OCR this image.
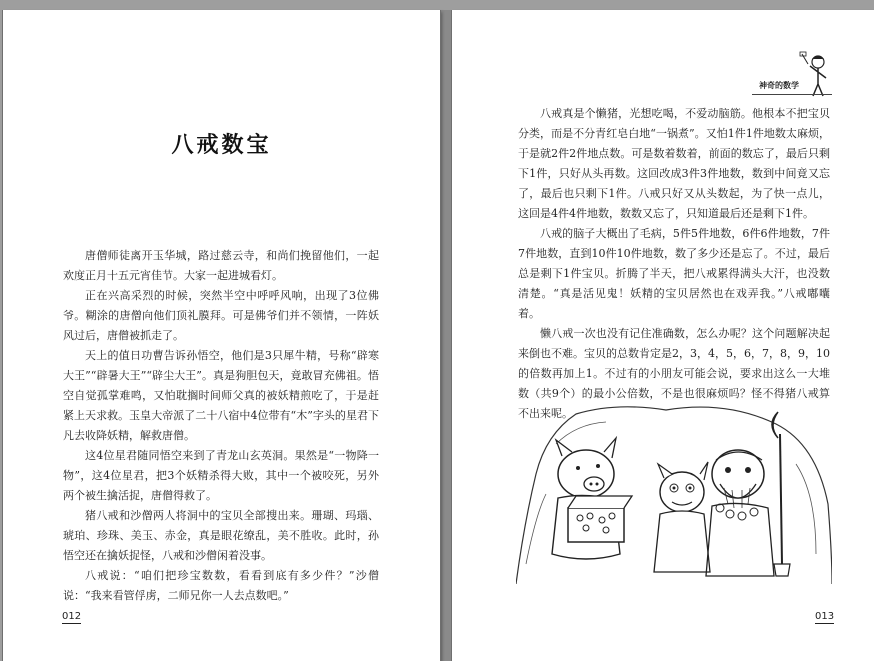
八戒数宝

唐僧师徒离开玉华城，路过慈云寺，和尚们挽留他们，一起欢度正月十五元宵佳节。大家一起进城看灯。

正在兴高采烈的时候，突然半空中呼呼风响，出现了3位佛爷。糊涂的唐僧向他们顶礼膜拜。可是佛爷们并不领情，一阵妖风过后，唐僧被抓走了。

天上的值日功曹告诉孙悟空，他们是3只犀牛精，号称“辟寒大王”“辟暑大王”“辟尘大王”。真是狗胆包天，竟敢冒充佛祖。悟空自觉孤掌难鸣，又怕耽搁时间师父真的被妖精煎吃了，于是赶紧上天求救。玉皇大帝派了二十八宿中4位带有“木”字头的星君下凡去收降妖精，解救唐僧。

这4位星君随同悟空来到了青龙山玄英洞。果然是“一物降一物”，这4位星君，把3个妖精杀得大败，其中一个被咬死，另外两个被生擒活捉，唐僧得救了。

猪八戒和沙僧两人将洞中的宝贝全部搜出来。珊瑚、玛瑙、琥珀、珍珠、美玉、赤金，真是眼花缭乱，美不胜收。此时，孙悟空还在擒妖捉怪，八戒和沙僧闲着没事。

八戒说：“咱们把珍宝数数，看看到底有多少件？”沙僧说：“我来看管俘虏，二师兄你一人去点数吧。”

012
神奇的数学

八戒真是个懒猪，光想吃喝，不爱动脑筋。他根本不把宝贝分类，而是不分青红皂白地“一锅煮”。又怕1件1件地数太麻烦，于是就2件2件地点数。可是数着数着，前面的数忘了，最后只剩下1件，只好从头再数。这回改成3件3件地数，数到中间竟又忘了，最后也只剩下1件。八戒只好又从头数起，为了快一点儿，这回是4件4件地数，数数又忘了，只知道最后还是剩下1件。

八戒的脑子大概出了毛病，5件5件地数，6件6件地数，7件7件地数，直到10件10件地数，数了多少还是忘了。不过，最后总是剩下1件宝贝。折腾了半天，把八戒累得满头大汗，也没数清楚。“真是活见鬼！妖精的宝贝居然也在戏弄我。”八戒嘟囔着。

懒八戒一次也没有记住准确数，怎么办呢？这个问题解决起来倒也不难。宝贝的总数肯定是2，3，4，5，6，7，8，9，10的倍数再加上1。不过有的小朋友可能会说，要求出这么一大堆数（共9个）的最小公倍数，不是也很麻烦吗？怪不得猪八戒算不出来呢。

013
